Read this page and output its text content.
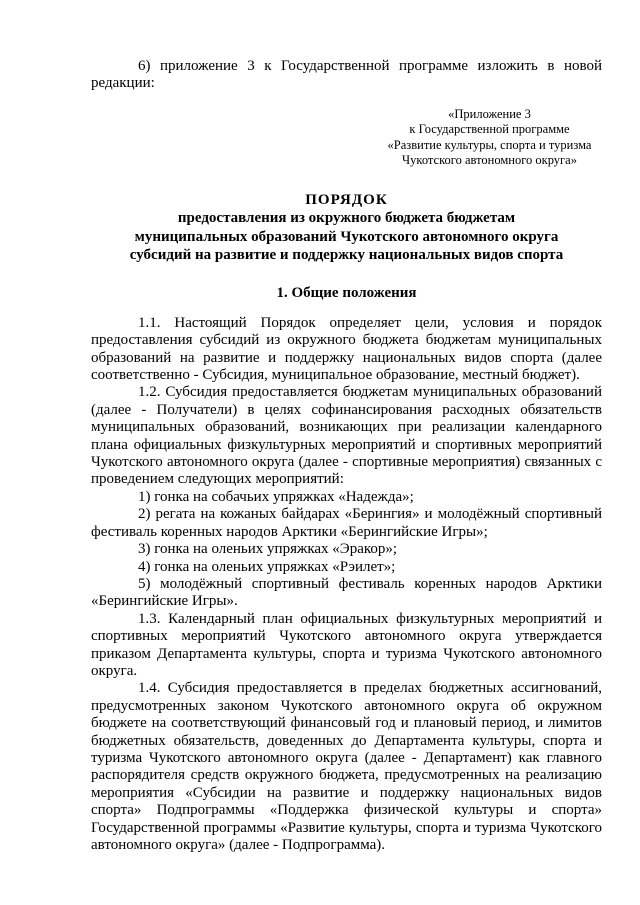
6) приложение 3 к Государственной программе изложить в новой редакции:

«Приложение 3
к Государственной программе
«Развитие культуры, спорта и туризма
Чукотского автономного округа»
ПОРЯДОК
предоставления из окружного бюджета бюджетам
муниципальных образований Чукотского автономного округа
субсидий на развитие и поддержку национальных видов спорта
1. Общие положения

1.1. Настоящий Порядок определяет цели, условия и порядок предоставления субсидий из окружного бюджета бюджетам муниципальных образований на развитие и поддержку национальных видов спорта (далее соответственно - Субсидия, муниципальное образование, местный бюджет).

1.2. Субсидия предоставляется бюджетам муниципальных образований (далее - Получатели) в целях софинансирования расходных обязательств муниципальных образований, возникающих при реализации календарного плана официальных физкультурных мероприятий и спортивных мероприятий Чукотского автономного округа (далее - спортивные мероприятия) связанных с проведением следующих мероприятий:

1) гонка на собачьих упряжках «Надежда»;

2) регата на кожаных байдарах «Берингия» и молодёжный спортивный фестиваль коренных народов Арктики «Берингийские Игры»;

3) гонка на оленьих упряжках «Эракор»;

4) гонка на оленьих упряжках «Рэилет»;

5) молодёжный спортивный фестиваль коренных народов Арктики «Берингийские Игры».

1.3. Календарный план официальных физкультурных мероприятий и спортивных мероприятий Чукотского автономного округа утверждается приказом Департамента культуры, спорта и туризма Чукотского автономного округа.

1.4. Субсидия предоставляется в пределах бюджетных ассигнований, предусмотренных законом Чукотского автономного округа об окружном бюджете на соответствующий финансовый год и плановый период, и лимитов бюджетных обязательств, доведенных до Департамента культуры, спорта и туризма Чукотского автономного округа (далее - Департамент) как главного распорядителя средств окружного бюджета, предусмотренных на реализацию мероприятия «Субсидии на развитие и поддержку национальных видов спорта» Подпрограммы «Поддержка физической культуры и спорта» Государственной программы «Развитие культуры, спорта и туризма Чукотского автономного округа» (далее - Подпрограмма).
